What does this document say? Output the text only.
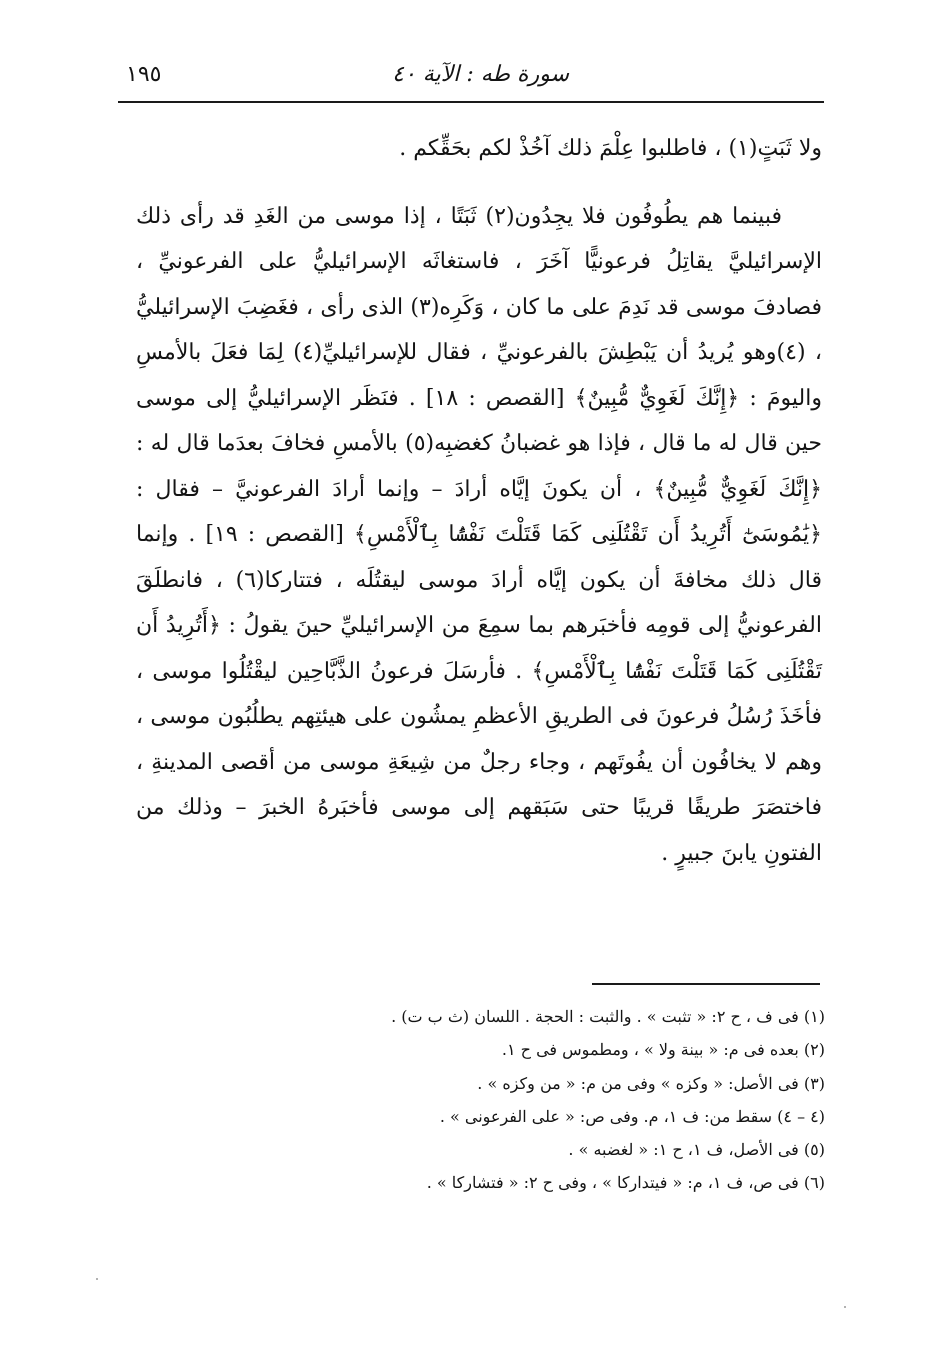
سورة طه : الآية ٤٠
١٩٥

ولا ثَبَتٍ(١) ، فاطلبوا عِلْمَ ذلك آخُذْ لكم بحَقِّكم .

فبينما هم يطُوفُون فلا يجِدُون(٢) ثَبَتًا ، إذا موسى من الغَدِ قد رأى ذلك الإسرائيليَّ يقاتِلُ فرعونيًّا آخَرَ ، فاستغاثَه الإسرائيليُّ على الفرعونيِّ ، فصادفَ موسى قد نَدِمَ على ما كان ، وَكَرِه(٣) الذى رأى ، فغَضِبَ الإسرائيليُّ ، (٤)وهو يُريدُ أن يَبْطِشَ بالفرعونيِّ ، فقال للإسرائيليِّ(٤) لِمَا فعَلَ بالأمسِ واليومَ : ﴿إِنَّكَ لَغَوِيٌّ مُّبِينٌ﴾ [القصص : ١٨] . فنَظَر الإسرائيليُّ إلى موسى حين قال له ما قال ، فإذا هو غضبانُ كغضبِه(٥) بالأمسِ فخافَ بعدَما قال له : ﴿إِنَّكَ لَغَوِيٌّ مُّبِينٌ﴾ ، أن يكونَ إيَّاه أرادَ – وإنما أرادَ الفرعونيَّ – فقال : ﴿يَٰمُوسَىٰٓ أَتُرِيدُ أَن تَقْتُلَنِى كَمَا قَتَلْتَ نَفْسًۢا بِٱلْأَمْسِ﴾ [القصص : ١٩] . وإنما قال ذلك مخافةَ أن يكون إيَّاه أرادَ موسى ليقتُلَه ، فتتاركا(٦) ، فانطلَقَ الفرعونيُّ إلى قومِه فأخبَرهم بما سمِعَ من الإسرائيليِّ حينَ يقولُ : ﴿أَتُرِيدُ أَن تَقْتُلَنِى كَمَا قَتَلْتَ نَفْسًۢا بِٱلْأَمْسِ﴾ . فأرسَلَ فرعونُ الذَّبَّاحِين ليقْتُلُوا موسى ، فأخَذَ رُسُلُ فرعونَ فى الطريقِ الأعظمِ يمشُون على هيئتِهم يطلُبُون موسى ، وهم لا يخافُون أن يفُوتَهم ، وجاء رجلٌ من شِيعَةِ موسى من أقصى المدينةِ ، فاختصَرَ طريقًا قريبًا حتى سَبَقهم إلى موسى فأخبَرهُ الخبرَ – وذلك من الفتونِ يابنَ جبيرٍ .

(١) فى ف ، ح ٢: « تثبت » . والثبت : الحجة . اللسان (ث ب ت) .

(٢) بعده فى م: « بينة ولا » ، ومطموس فى ح ١.

(٣) فى الأصل: « وكزه » وفى من م: « من وكزه » .

(٤ – ٤) سقط من: ف ١، م. وفى ص: « على الفرعونى » .

(٥) فى الأصل، ف ١، ح ١: « لغضبه » .

(٦) فى ص، ف ١، م: « فيتداركا » ، وفى ح ٢: « فتشاركا » .
